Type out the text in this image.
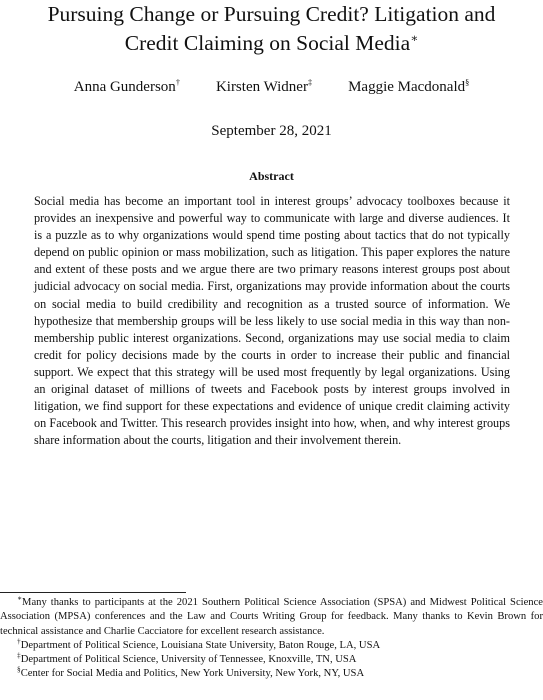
Pursuing Change or Pursuing Credit? Litigation and
Credit Claiming on Social Media∗
Anna Gunderson† Kirsten Widner‡ Maggie Macdonald§
September 28, 2021
Abstract

Social media has become an important tool in interest groups’ advocacy toolboxes because it provides an inexpensive and powerful way to communicate with large and diverse audiences. It is a puzzle as to why organizations would spend time posting about tactics that do not typically depend on public opinion or mass mobilization, such as litigation. This paper explores the nature and extent of these posts and we argue there are two primary reasons interest groups post about judicial advocacy on social media. First, organizations may provide information about the courts on social media to build credibility and recognition as a trusted source of information. We hypothesize that membership groups will be less likely to use social media in this way than non-membership public interest organizations. Second, organizations may use social media to claim credit for policy decisions made by the courts in order to increase their public and financial support. We expect that this strategy will be used most frequently by legal organizations. Using an original dataset of millions of tweets and Facebook posts by interest groups involved in litigation, we find support for these expectations and evidence of unique credit claiming activity on Facebook and Twitter. This research provides insight into how, when, and why interest groups share information about the courts, litigation and their involvement therein.

∗Many thanks to participants at the 2021 Southern Political Science Association (SPSA) and Midwest Political Science Association (MPSA) conferences and the Law and Courts Writing Group for feedback. Many thanks to Kevin Brown for technical assistance and Charlie Cacciatore for excellent research assistance.

†Department of Political Science, Louisiana State University, Baton Rouge, LA, USA

‡Department of Political Science, University of Tennessee, Knoxville, TN, USA

§Center for Social Media and Politics, New York University, New York, NY, USA
